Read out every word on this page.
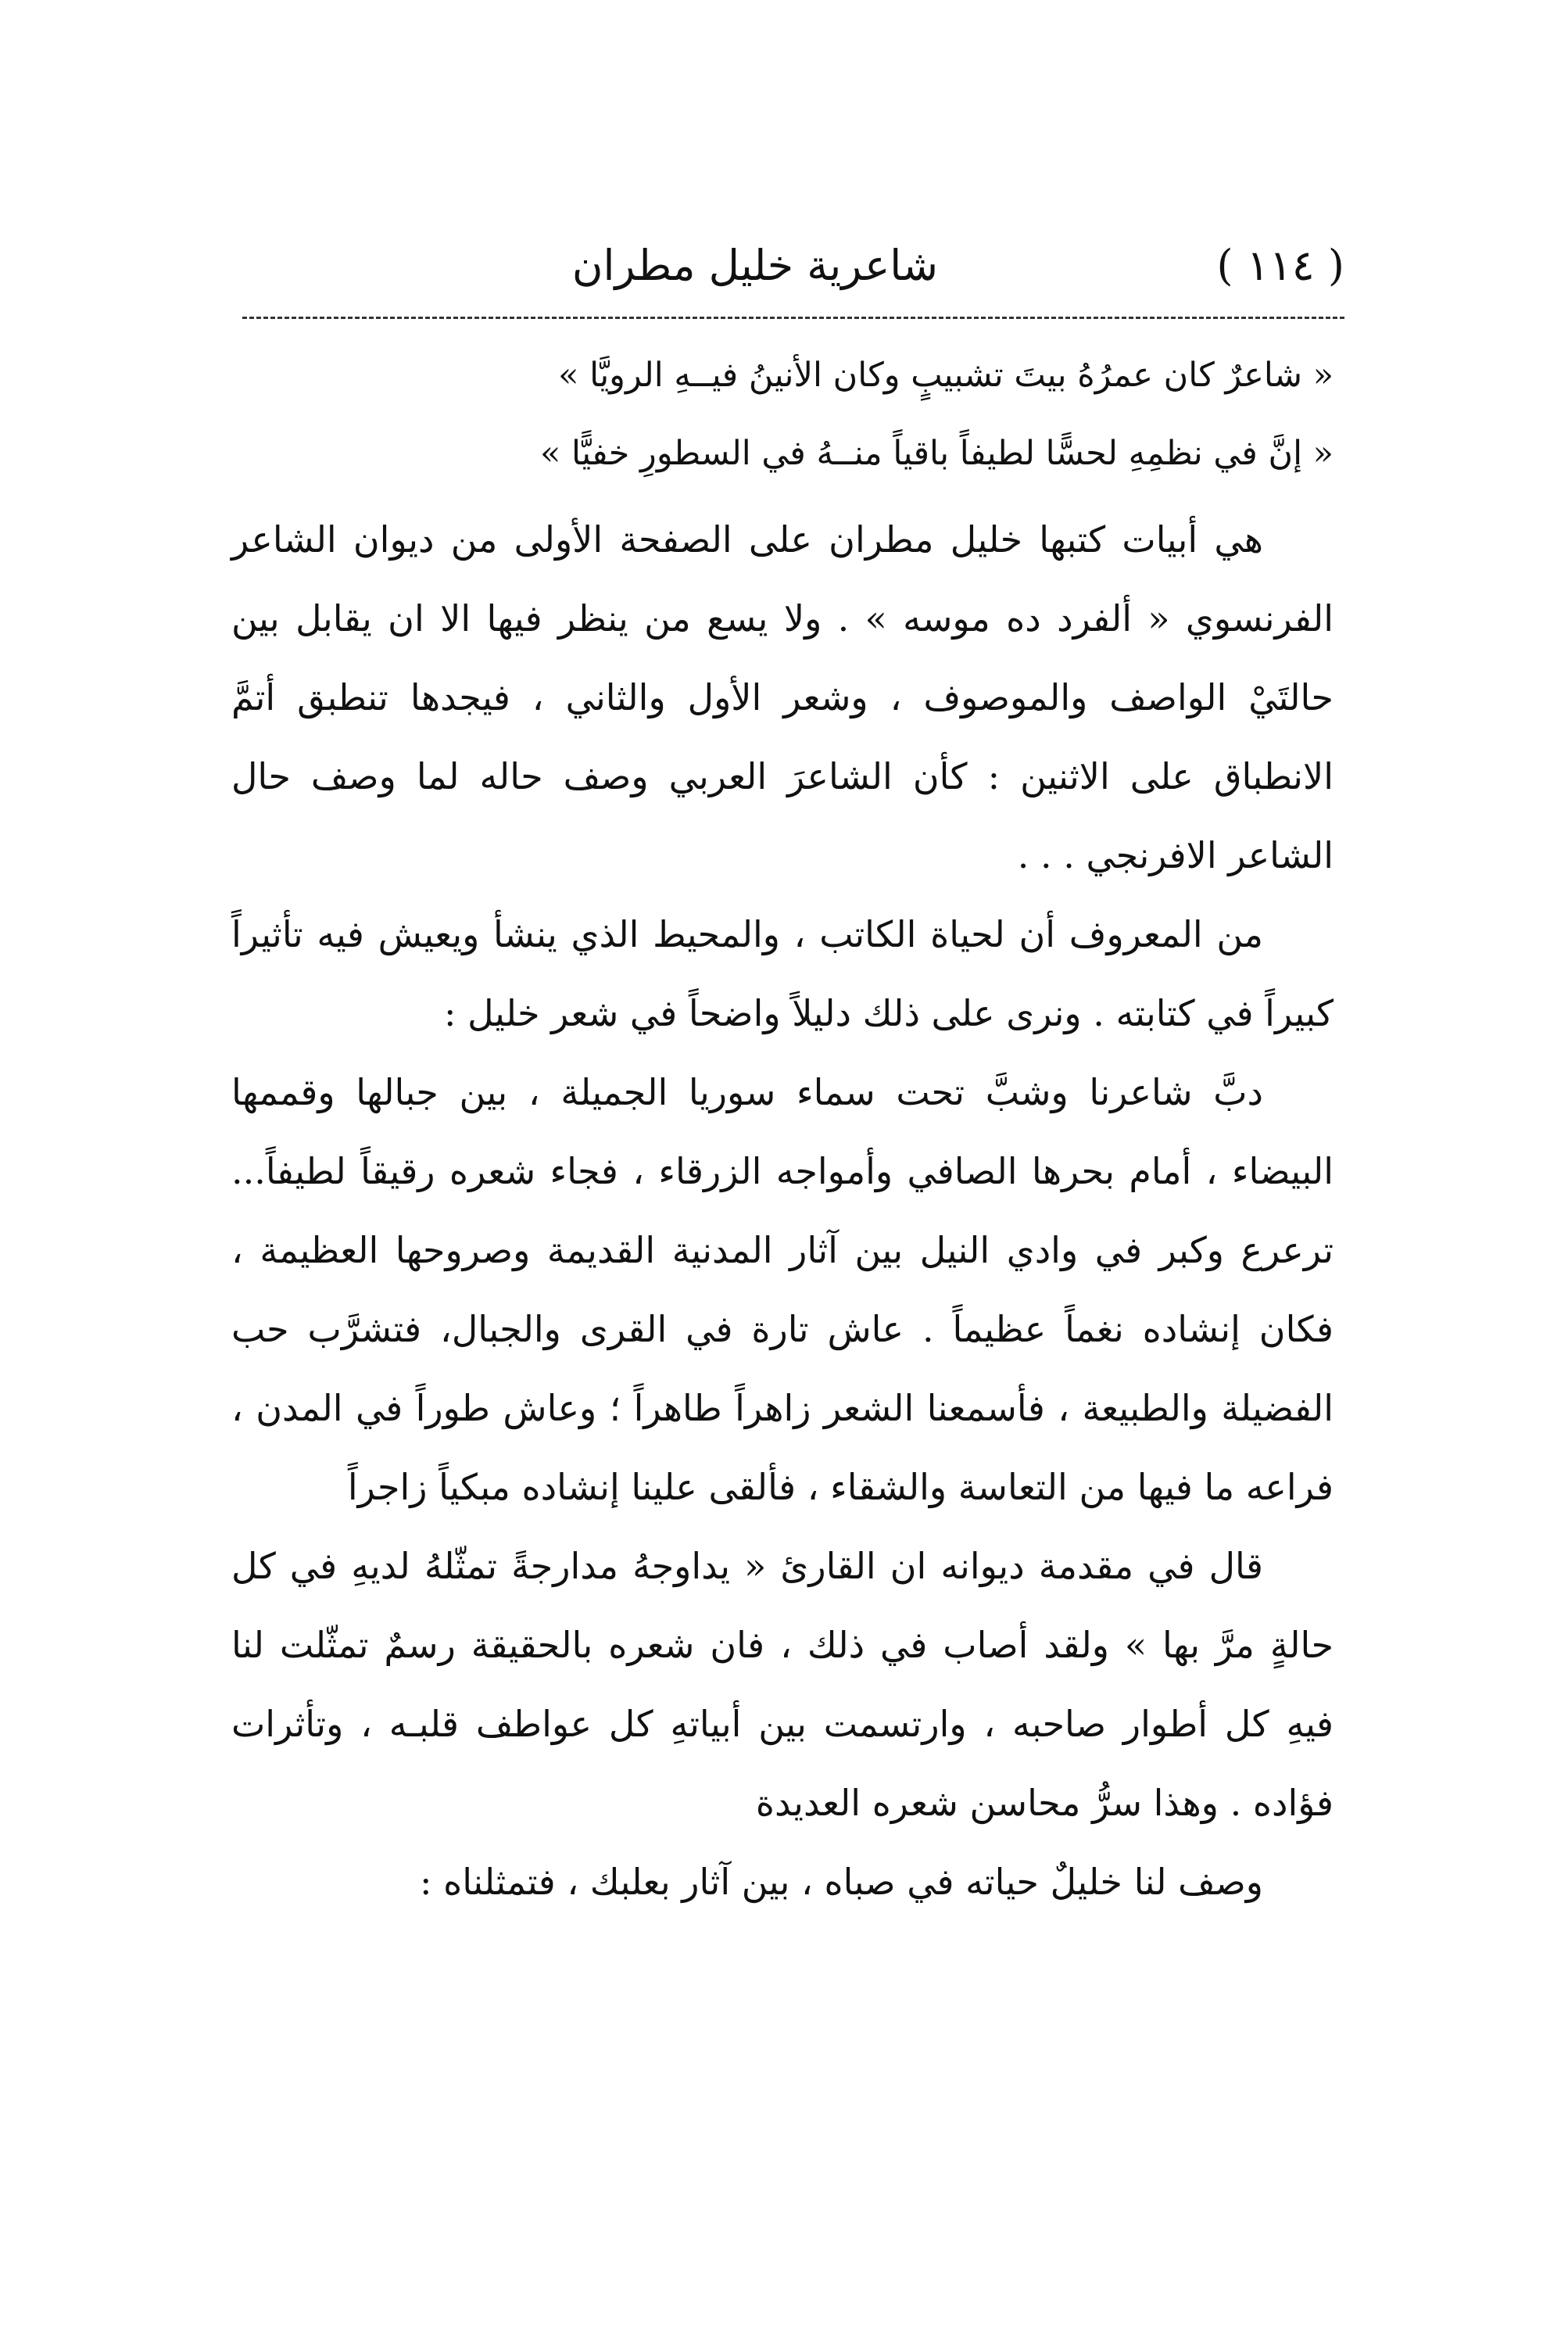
شاعرية خليل مطران	( ١١٤ )
« شاعرٌ كان عمرُهُ بيتَ تشبيبٍ وكان الأنينُ فيــهِ الرويَّا »
« إنَّ في نظمِهِ لحسًّا لطيفاً باقياً منــهُ في السطورِ خفيًّا »

هي أبيات كتبها خليل مطران على الصفحة الأولى من ديوان الشاعر الفرنسوي « ألفرد ده موسه » . ولا يسع من ينظر فيها الا ان يقابل بين حالتَيْ الواصف والموصوف ، وشعر الأول والثاني ، فيجدها تنطبق أتمَّ الانطباق على الاثنين : كأن الشاعرَ العربي وصف حاله لما وصف حال الشاعر الافرنجي . . .

من المعروف أن لحياة الكاتب ، والمحيط الذي ينشأ ويعيش فيه تأثيراً كبيراً في كتابته . ونرى على ذلك دليلاً واضحاً في شعر خليل :

دبَّ شاعرنا وشبَّ تحت سماء سوريا الجميلة ، بين جبالها وقممها البيضاء ، أمام بحرها الصافي وأمواجه الزرقاء ، فجاء شعره رقيقاً لطيفاً... ترعرع وكبر في وادي النيل بين آثار المدنية القديمة وصروحها العظيمة ، فكان إنشاده نغماً عظيماً . عاش تارة في القرى والجبال، فتشرَّب حب الفضيلة والطبيعة ، فأسمعنا الشعر زاهراً طاهراً ؛ وعاش طوراً في المدن ، فراعه ما فيها من التعاسة والشقاء ، فألقى علينا إنشاده مبكياً زاجراً

قال في مقدمة ديوانه ان القارئ « يداوجهُ مدارجةً تمثّلهُ لديهِ في كل حالةٍ مرَّ بها » ولقد أصاب في ذلك ، فان شعره بالحقيقة رسمٌ تمثّلت لنا فيهِ كل أطوار صاحبه ، وارتسمت بين أبياتهِ كل عواطف قلبـه ، وتأثرات فؤاده . وهذا سرُّ محاسن شعره العديدة

وصف لنا خليلٌ حياته في صباه ، بين آثار بعلبك ، فتمثلناه :
